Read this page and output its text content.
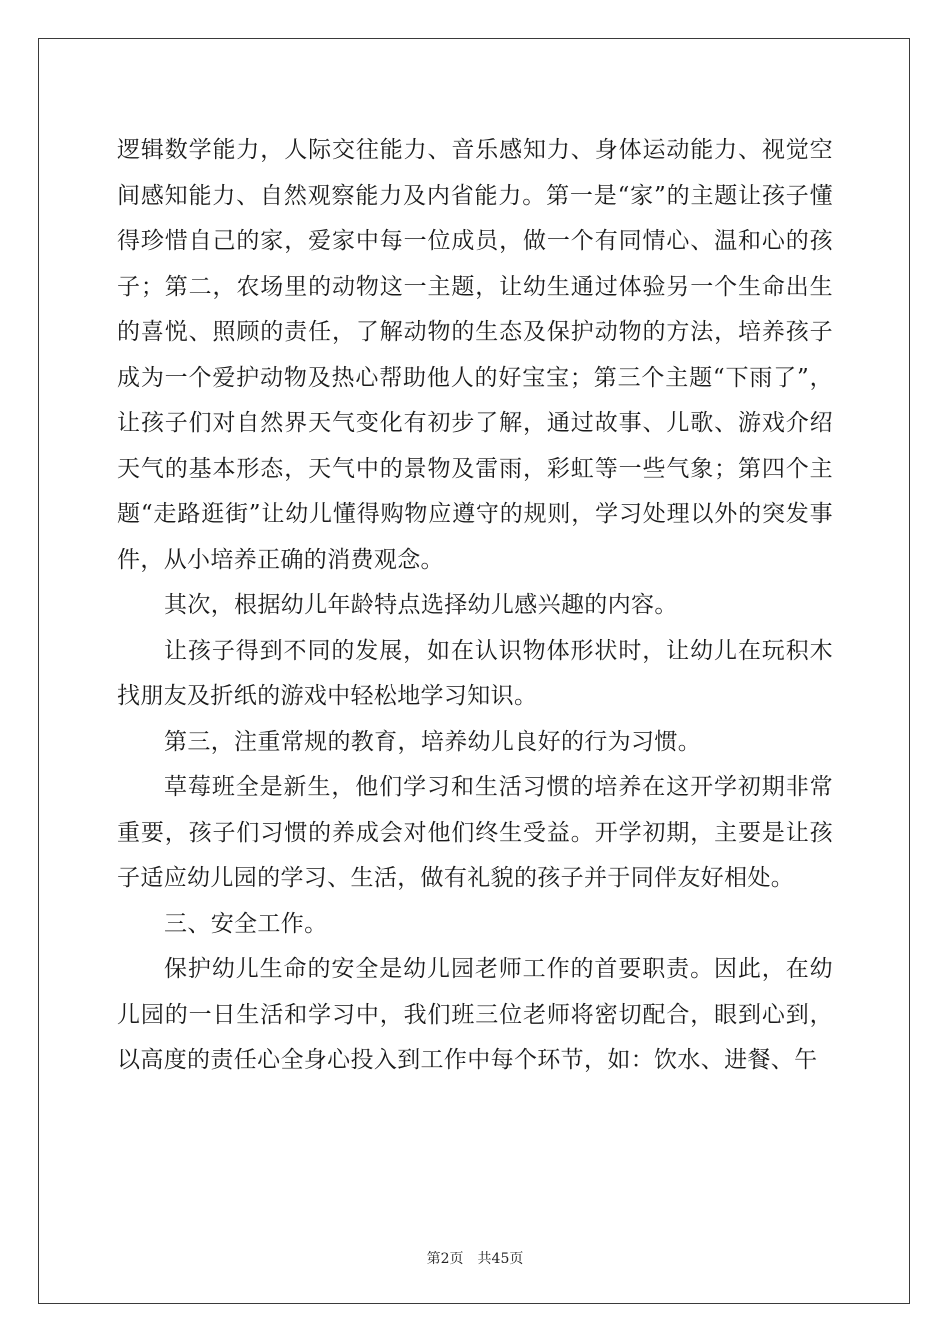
逻辑数学能力，人际交往能力、音乐感知力、身体运动能力、视觉空间感知能力、自然观察能力及内省能力。第一是“家”的主题让孩子懂得珍惜自己的家，爱家中每一位成员，做一个有同情心、温和心的孩子；第二，农场里的动物这一主题，让幼生通过体验另一个生命出生的喜悦、照顾的责任，了解动物的生态及保护动物的方法，培养孩子成为一个爱护动物及热心帮助他人的好宝宝；第三个主题“下雨了”，让孩子们对自然界天气变化有初步了解，通过故事、儿歌、游戏介绍天气的基本形态，天气中的景物及雷雨，彩虹等一些气象；第四个主题“走路逛街”让幼儿懂得购物应遵守的规则，学习处理以外的突发事件，从小培养正确的消费观念。

其次，根据幼儿年龄特点选择幼儿感兴趣的内容。

让孩子得到不同的发展，如在认识物体形状时，让幼儿在玩积木找朋友及折纸的游戏中轻松地学习知识。

第三，注重常规的教育，培养幼儿良好的行为习惯。

草莓班全是新生，他们学习和生活习惯的培养在这开学初期非常重要，孩子们习惯的养成会对他们终生受益。开学初期，主要是让孩子适应幼儿园的学习、生活，做有礼貌的孩子并于同伴友好相处。

三、安全工作。

保护幼儿生命的安全是幼儿园老师工作的首要职责。因此，在幼儿园的一日生活和学习中，我们班三位老师将密切配合，眼到心到，以高度的责任心全身心投入到工作中每个环节，如：饮水、进餐、午

第2页 共45页
